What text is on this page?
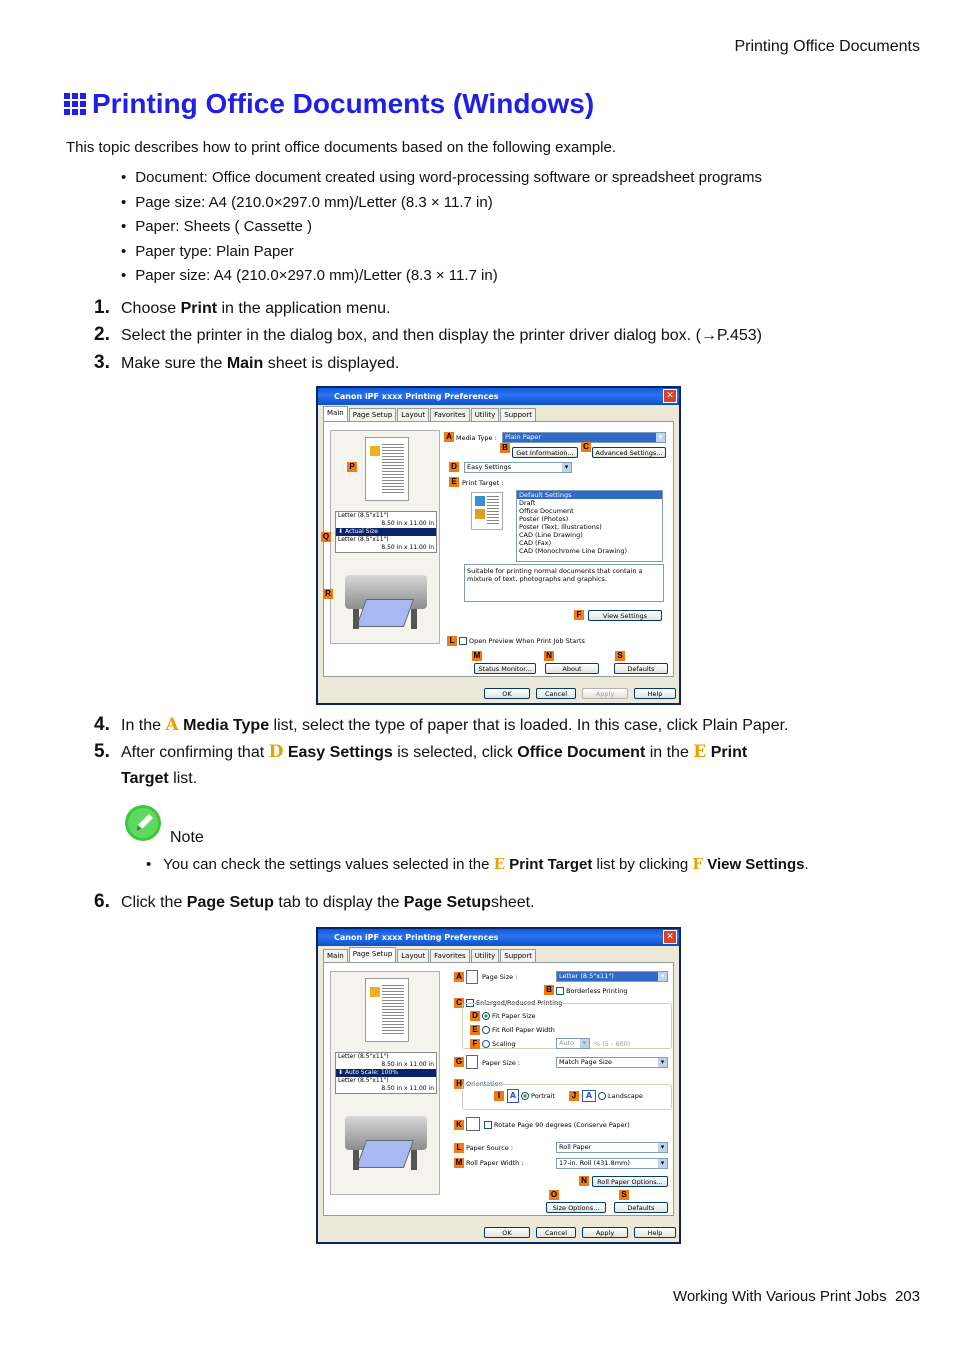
Printing Office Documents
Printing Office Documents (Windows)
This topic describes how to print office documents based on the following example.
• Document: Office document created using word-processing software or spreadsheet programs
• Page size: A4 (210.0×297.0 mm)/Letter (8.3 × 11.7 in)
• Paper: Sheets ( Cassette )
• Paper type: Plain Paper
• Paper size: A4 (210.0×297.0 mm)/Letter (8.3 × 11.7 in)
1. Choose Print in the application menu.
2. Select the printer in the dialog box, and then display the printer driver dialog box. (→P.453)
3. Make sure the Main sheet is displayed.
Canon iPF xxxx Printing Preferences	✕
Main	Page Setup	Layout	Favorites	Utility	Support
Letter (8.5"x11")
8.50 in x 11.00 in
⬇ Actual Size
Letter (8.5"x11")
8.50 in x 11.00 in
P
Q
R
A Media Type :	Plain Paper ▾
B
Get Information...
C
Advanced Settings...
D	Easy Settings ▾
E Print Target :
Default Settings
Draft
Office Document
Poster (Photos)
Poster (Text, Illustrations)
CAD (Line Drawing)
CAD (Fax)
CAD (Monochrome Line Drawing)
Suitable for printing normal documents that contain a mixture of text, photographs and graphics.
F	View Settings
L	Open Preview When Print Job Starts
M	N	S
Status Monitor...	About	Defaults
OK	Cancel	Apply	Help
4. In the A Media Type list, select the type of paper that is loaded. In this case, click Plain Paper.
5. After confirming that D Easy Settings is selected, click Office Document in the E Print
Target list.
Note
• You can check the settings values selected in the E Print Target list by clicking F View Settings.
6. Click the Page Setup tab to display the Page Setupsheet.
Canon iPF xxxx Printing Preferences	✕
Main	Page Setup	Layout	Favorites	Utility	Support
Letter (8.5"x11")
8.50 in x 11.00 in
⬇ Auto Scale: 100%
Letter (8.5"x11")
8.50 in x 11.00 in
A	Page Size :	Letter (8.5"x11") ▾
B	Borderless Printing
C	Enlarged/Reduced Printing
D	Fit Paper Size
E	Fit Roll Paper Width
F	Scaling	Auto ▾	% (5 - 600)
G	Paper Size :	Match Page Size ▾
H Orientation
I	A	Portrait	J	A	Landscape
K	Rotate Page 90 degrees (Conserve Paper)
L Paper Source :	Roll Paper ▾
M Roll Paper Width :	17-in. Roll (431.8mm) ▾
N	Roll Paper Options...
O	S
Size Options...	Defaults
OK	Cancel	Apply	Help
Working With Various Print Jobs 203
